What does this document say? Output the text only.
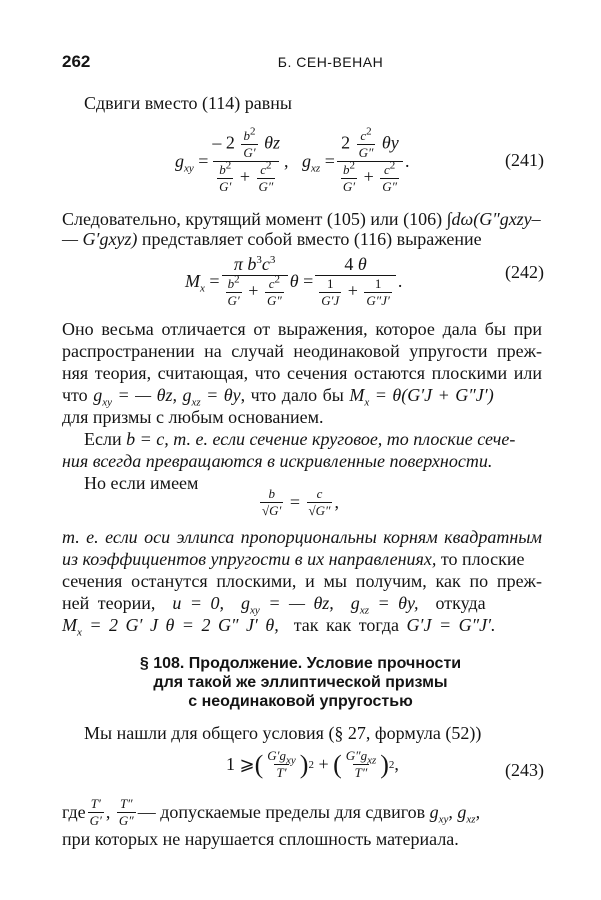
262	Б. СЕН-ВЕНАН
Сдвиги вместо (114) равны
$g_{xy} = \frac{- 2 \frac{b^2}{G'} \theta z}{\frac{b^2}{G'} + \frac{c^2}{G''}}$ , $g_{xz} = \frac{2 \frac{c^2}{G''} \theta y}{\frac{b^2}{G'} + \frac{c^2}{G''}}$ .	(241)
Следовательно, крутящий момент (105) или (106) ∫dω(G″gxzy–
— G′gxyz) представляет собой вместо (116) выражение
$M_x = \frac{\pi b^3c^3}{\frac{b^2}{G'} + \frac{c^2}{G''}}$ $\theta = \frac{4 \theta}{\frac{1}{G'J} + \frac{1}{G''J'}}$ .	(242)
Оно весьма отличается от выражения, которое дала бы при
распространении на случай неодинаковой упругости преж-
няя теория, считающая, что сечения остаются плоскими или
что $g_{xy}$ = — θz, $g_{xz} = \theta y$, что дало бы $M_x = \theta(G'J + G''J')$
для призмы с любым основанием.
Если b = c, т. е. если сечение круговое, то плоские сече-
ния всегда превращаются в искривленные поверхности.
Но если имеем
$\frac{b}{√G'} = \frac{c}{√G''}$ ,
т. е. если оси эллипса пропорциональны корням квадратным
из коэффициентов упругости в их направлениях, то плоские
сечения останутся плоскими, и мы получим, как по преж-
ней теории, u = 0,  $g_{xy}$ = — θz,  $g_{xz} = \theta y$, откуда
$M_x = 2$ G′ J θ = 2 G″ J′ θ, так как тогда G′J = G″J′.
§ 108. Продолжение. Условие прочности
для такой же эллиптической призмы
с неодинаковой упругостью
Мы нашли для общего условия (§ 27, формула (52))
1 ⩾ ( $\frac{G'g_{xy}}{T'}$ ) 2 + ( $\frac{G''g_{xz}}{T''}$ ) 2 ,	(243)
где $\frac{T'}{G'}$ , $\frac{T''}{G''}$ — допускаемые пределы для сдвигов
$g_{xy}$, $g_{xz}$,
при которых не нарушается сплошность материала.
